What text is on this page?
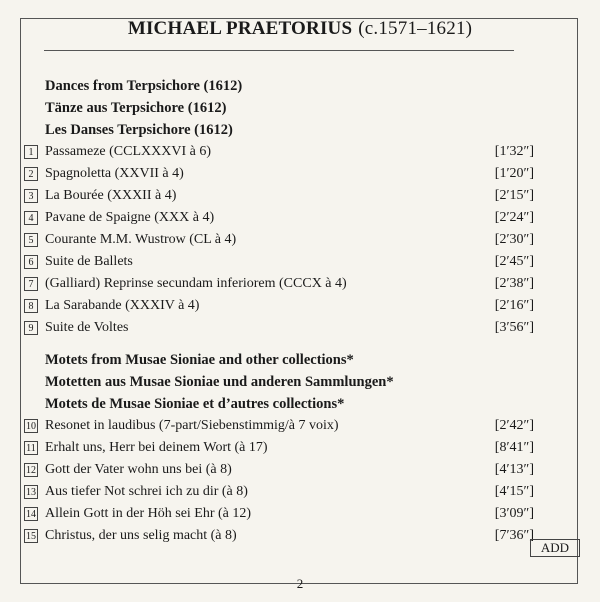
MICHAEL PRAETORIUS (c.1571–1621)
Dances from Terpsichore (1612)
Tänze aus Terpsichore (1612)
Les Danses Terpsichore (1612)
1 Passameze (CCLXXXVI à 6)	[1′32″]
2 Spagnoletta (XXVII à 4)	[1′20″]
3 La Bourée (XXXII à 4)	[2′15″]
4 Pavane de Spaigne (XXX à 4)	[2′24″]
5 Courante M.M. Wustrow (CL à 4)	[2′30″]
6 Suite de Ballets	[2′45″]
7 (Galliard) Reprinse secundam inferiorem (CCCX à 4)	[2′38″]
8 La Sarabande (XXXIV à 4)	[2′16″]
9 Suite de Voltes	[3′56″]
Motets from Musae Sioniae and other collections*
Motetten aus Musae Sioniae und anderen Sammlungen*
Motets de Musae Sioniae et d’autres collections*
10 Resonet in laudibus (7-part/Siebenstimmig/à 7 voix)	[2′42″]
11 Erhalt uns, Herr bei deinem Wort (à 17)	[8′41″]
12 Gott der Vater wohn uns bei (à 8)	[4′13″]
13 Aus tiefer Not schrei ich zu dir (à 8)	[4′15″]
14 Allein Gott in der Höh sei Ehr (à 12)	[3′09″]
15 Christus, der uns selig macht (à 8)	[7′36″]
ADD
2
